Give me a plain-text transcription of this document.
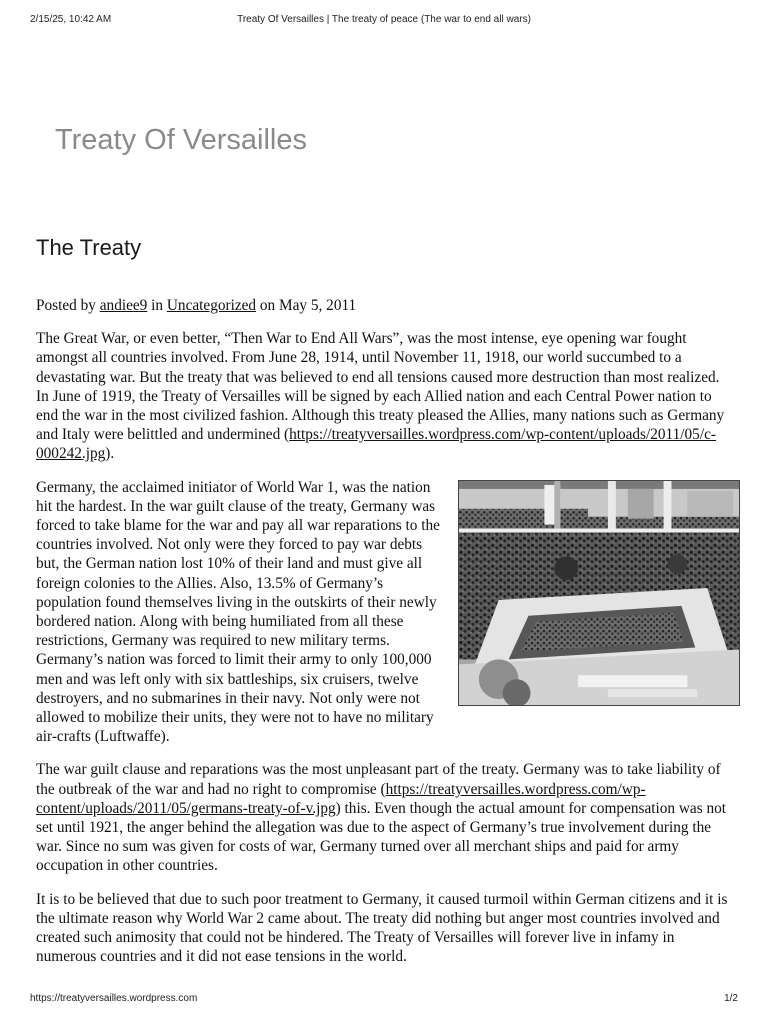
2/15/25, 10:42 AM	Treaty Of Versailles | The treaty of peace (The war to end all wars)
Treaty Of Versailles
The Treaty

Posted by andiee9 in Uncategorized on May 5, 2011

The Great War, or even better, “Then War to End All Wars”, was the most intense, eye opening war fought amongst all countries involved. From June 28, 1914, until November 11, 1918, our world succumbed to a devastating war. But the treaty that was believed to end all tensions caused more destruction than most realized. In June of 1919, the Treaty of Versailles will be signed by each Allied nation and each Central Power nation to end the war in the most civilized fashion. Although this treaty pleased the Allies, many nations such as Germany and Italy were belittled and undermined (https://treatyversailles.wordpress.com/wp-content/uploads/2011/05/c-000242.jpg).

Germany, the acclaimed initiator of World War 1, was the nation hit the hardest. In the war guilt clause of the treaty, Germany was forced to take blame for the war and pay all war reparations to the countries involved. Not only were they forced to pay war debts but, the German nation lost 10% of their land and must give all foreign colonies to the Allies. Also, 13.5% of Germany’s population found themselves living in the outskirts of their newly bordered nation. Along with being humiliated from all these restrictions, Germany was required to new military terms. Germany’s nation was forced to limit their army to only 100,000 men and was left only with six battleships, six cruisers, twelve destroyers, and no submarines in their navy. Not only were not allowed to mobilize their units, they were not to have no military air-crafts (Luftwaffe).

The war guilt clause and reparations was the most unpleasant part of the treaty. Germany was to take liability of the outbreak of the war and had no right to compromise (https://treatyversailles.wordpress.com/wp-content/uploads/2011/05/germans-treaty-of-v.jpg) this. Even though the actual amount for compensation was not set until 1921, the anger behind the allegation was due to the aspect of Germany’s true involvement during the war. Since no sum was given for costs of war, Germany turned over all merchant ships and paid for army occupation in other countries.

It is to be believed that due to such poor treatment to Germany, it caused turmoil within German citizens and it is the ultimate reason why World War 2 came about. The treaty did nothing but anger most countries involved and created such animosity that could not be hindered. The Treaty of Versailles will forever live in infamy in numerous countries and it did not ease tensions in the world.

https://treatyversailles.wordpress.com	1/2
